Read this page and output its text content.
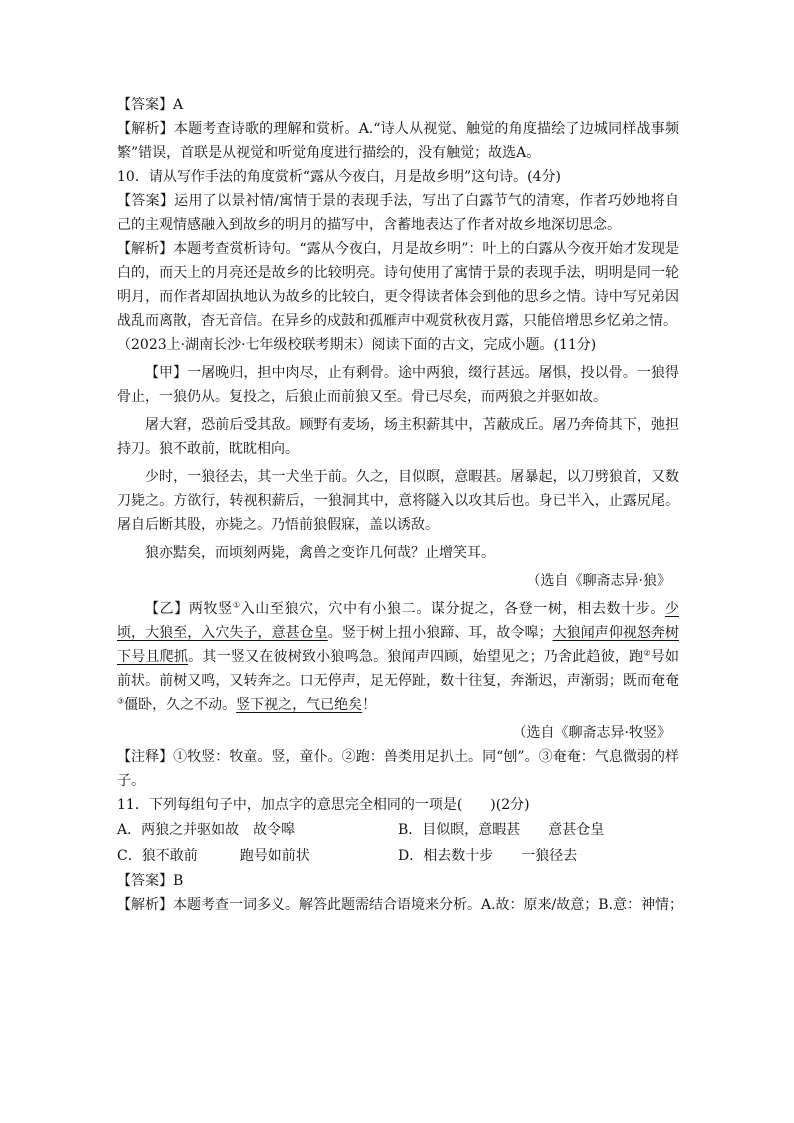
【答案】A
【解析】本题考查诗歌的理解和赏析。A.“诗人从视觉、触觉的角度描绘了边城同样战事频繁”错误，首联是从视觉和听觉角度进行描绘的，没有触觉；故选A。
10．请从写作手法的角度赏析“露从今夜白，月是故乡明”这句诗。(4分)
【答案】运用了以景衬情/寓情于景的表现手法，写出了白露节气的清寒，作者巧妙地将自己的主观情感融入到故乡的明月的描写中，含蓄地表达了作者对故乡地深切思念。
【解析】本题考查赏析诗句。“露从今夜白，月是故乡明”：叶上的白露从今夜开始才发现是白的，而天上的月亮还是故乡的比较明亮。诗句使用了寓情于景的表现手法，明明是同一轮明月，而作者却固执地认为故乡的比较白，更令得读者体会到他的思乡之情。诗中写兄弟因战乱而离散，杳无音信。在异乡的戍鼓和孤雁声中观赏秋夜月露，只能倍增思乡忆弟之情。
（2023上·湖南长沙·七年级校联考期末）阅读下面的古文，完成小题。(11分)
【甲】一屠晚归，担中肉尽，止有剩骨。途中两狼，缀行甚远。屠惧，投以骨。一狼得骨止，一狼仍从。复投之，后狼止而前狼又至。骨已尽矣，而两狼之并驱如故。
屠大窘，恐前后受其敌。顾野有麦场，场主积薪其中，苫蔽成丘。屠乃奔倚其下，弛担持刀。狼不敢前，眈眈相向。
少时，一狼径去，其一犬坐于前。久之，目似瞑，意暇甚。屠暴起，以刀劈狼首，又数刀毙之。方欲行，转视积薪后，一狼洞其中，意将隧入以攻其后也。身已半入，止露尻尾。屠自后断其股，亦毙之。乃悟前狼假寐，盖以诱敌。
狼亦黠矣，而顷刻两毙，禽兽之变诈几何哉？止增笑耳。
（选自《聊斋志异·狼》
【乙】两牧竖①入山至狼穴，穴中有小狼二。谋分捉之，各登一树，相去数十步。少顷，大狼至，入穴失子，意甚仓皇。竖于树上扭小狼蹄、耳，故令嗥；大狼闻声仰视怒奔树下号且爬抓。其一竖又在彼树致小狼鸣急。狼闻声四顾，始望见之；乃舍此趋彼，跑②号如前状。前树又鸣，又转奔之。口无停声，足无停趾，数十往复，奔渐迟，声渐弱；既而奄奄③僵卧，久之不动。竖下视之，气已绝矣！
（选自《聊斋志异·牧竖》
【注释】①牧竖：牧童。竖，童仆。②跑：兽类用足扒土。同“刨”。③奄奄：气息微弱的样子。
11．下列每组句子中，加点字的意思完全相同的一项是(　　)(2分)
A．两狼之并驱如故　故令嗥	B．目似瞑，意暇甚　　意甚仓皇
C．狼不敢前　　　跑号如前状	D．相去数十步　　一狼径去
【答案】B
【解析】本题考查一词多义。解答此题需结合语境来分析。A.故：原来/故意；B.意：神情；
